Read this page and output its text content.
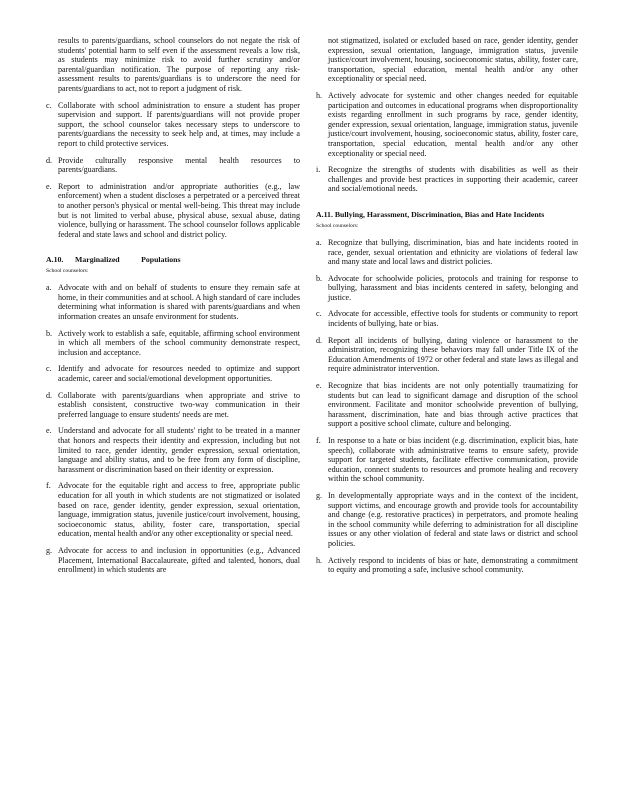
results to parents/guardians, school counselors do not negate the risk of students' potential harm to self even if the assessment reveals a low risk, as students may minimize risk to avoid further scrutiny and/or parental/guardian notification. The purpose of reporting any risk-assessment results to parents/guardians is to underscore the need for parents/guardians to act, not to report a judgment of risk.

c. Collaborate with school administration to ensure a student has proper supervision and support. If parents/guardians will not provide proper support, the school counselor takes necessary steps to underscore to parents/guardians the necessity to seek help and, at times, may include a report to child protective services.
d. Provide culturally responsive mental health resources to parents/guardians.
e. Report to administration and/or appropriate authorities (e.g., law enforcement) when a student discloses a perpetrated or a perceived threat to another person's physical or mental well-being. This threat may include but is not limited to verbal abuse, physical abuse, sexual abuse, dating violence, bullying or harassment. The school counselor follows applicable federal and state laws and school and district policy.
A.10.      Marginalized           Populations
School counselors:
a. Advocate with and on behalf of students to ensure they remain safe at home, in their communities and at school. A high standard of care includes determining what information is shared with parents/guardians and when information creates an unsafe environment for students.
b. Actively work to establish a safe, equitable, affirming school environment in which all members of the school community demonstrate respect, inclusion and acceptance.
c. Identify and advocate for resources needed to optimize and support academic, career and social/emotional development opportunities.
d. Collaborate with parents/guardians when appropriate and strive to establish consistent, constructive two-way communication in their preferred language to ensure students' needs are met.
e. Understand and advocate for all students' right to be treated in a manner that honors and respects their identity and expression, including but not limited to race, gender identity, gender expression, sexual orientation, language and ability status, and to be free from any form of discipline, harassment or discrimination based on their identity or expression.
f. Advocate for the equitable right and access to free, appropriate public education for all youth in which students are not stigmatized or isolated based on race, gender identity, gender expression, sexual orientation, language, immigration status, juvenile justice/court involvement, housing, socioeconomic status, ability, foster care, transportation, special education, mental health and/or any other exceptionality or special need.
g. Advocate for access to and inclusion in opportunities (e.g., Advanced Placement, International Baccalaureate, gifted and talented, honors, dual enrollment) in which students are

not stigmatized, isolated or excluded based on race, gender identity, gender expression, sexual orientation, language, immigration status, juvenile justice/court involvement, housing, socioeconomic status, ability, foster care, transportation, special education, mental health and/or any other exceptionality or special need.

h. Actively advocate for systemic and other changes needed for equitable participation and outcomes in educational programs when disproportionality exists regarding enrollment in such programs by race, gender identity, gender expression, sexual orientation, language, immigration status, juvenile justice/court involvement, housing, socioeconomic status, ability, foster care, transportation, special education, mental health and/or any other exceptionality or special need.
i. Recognize the strengths of students with disabilities as well as their challenges and provide best practices in supporting their academic, career and social/emotional needs.
A.11. Bullying, Harassment, Discrimination, Bias and Hate Incidents
School counselors:
a. Recognize that bullying, discrimination, bias and hate incidents rooted in race, gender, sexual orientation and ethnicity are violations of federal law and many state and local laws and district policies.
b. Advocate for schoolwide policies, protocols and training for response to bullying, harassment and bias incidents centered in safety, belonging and justice.
c. Advocate for accessible, effective tools for students or community to report incidents of bullying, hate or bias.
d. Report all incidents of bullying, dating violence or harassment to the administration, recognizing these behaviors may fall under Title IX of the Education Amendments of 1972 or other federal and state laws as illegal and require administrator intervention.
e. Recognize that bias incidents are not only potentially traumatizing for students but can lead to significant damage and disruption of the school environment. Facilitate and monitor schoolwide prevention of bullying, harassment, discrimination, hate and bias through active practices that support a positive school climate, culture and belonging.
f. In response to a hate or bias incident (e.g. discrimination, explicit bias, hate speech), collaborate with administrative teams to ensure safety, provide support for targeted students, facilitate effective communication, provide education, connect students to resources and promote healing and recovery within the school community.
g. In developmentally appropriate ways and in the context of the incident, support victims, and encourage growth and provide tools for accountability and change (e.g. restorative practices) in perpetrators, and promote healing in the school community while deferring to administration for all discipline issues or any other violation of federal and state laws or district and school policies.
h. Actively respond to incidents of bias or hate, demonstrating a commitment to equity and promoting a safe, inclusive school community.
